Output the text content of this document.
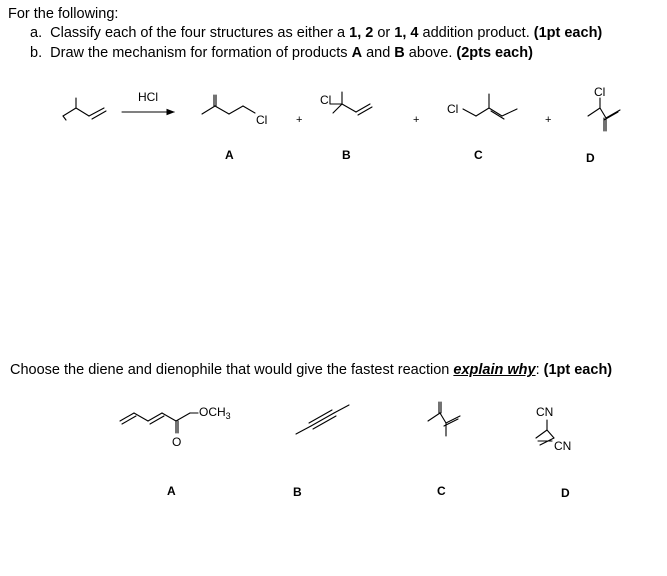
For the following:
a. Classify each of the four structures as either a 1, 2 or 1, 4 addition product. (1pt each)
b. Draw the mechanism for formation of products A and B above. (2pts each)
Choose the diene and dienophile that would give the fastest reaction explain why: (1pt each)
HCl
Cl	+
Cl
+
Cl
+
Cl
A	B	C	D
$OCH_3$
O
CN
CN
A	B	C	D
